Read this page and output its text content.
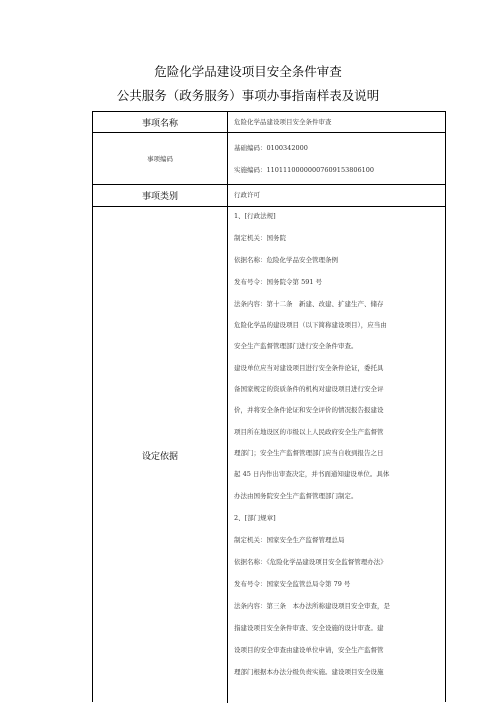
危险化学品建设项目安全条件审查
公共服务（政务服务）事项办事指南样表及说明
事项名称	危险化学品建设项目安全条件审查
事项编码
基础编码：0100342000
实施编码：11011100000007609153806100
事项类别	行政许可
设定依据
1、[行政法规]
制定机关：国务院
依据名称：危险化学品安全管理条例
发布号令：国务院令第 591 号
法条内容：第十二条　新建、改建、扩建生产、储存
危险化学品的建设项目（以下简称建设项目），应当由
安全生产监督管理部门进行安全条件审查。
建设单位应当对建设项目进行安全条件论证，委托具
备国家规定的资质条件的机构对建设项目进行安全评
价，并将安全条件论证和安全评价的情况报告报建设
项目所在地设区的市级以上人民政府安全生产监督管
理部门；安全生产监督管理部门应当自收到报告之日
起 45 日内作出审查决定，并书面通知建设单位。具体
办法由国务院安全生产监督管理部门制定。
2、[部门规章]
制定机关：国家安全生产监督管理总局
依据名称：《危险化学品建设项目安全监督管理办法》
发布号令：国家安全监管总局令第 79 号
法条内容：第三条　本办法所称建设项目安全审查，是
指建设项目安全条件审查、安全设施的设计审查。建
设项目的安全审查由建设单位申请，安全生产监督管
理部门根据本办法分级负责实施。建设项目安全设施
